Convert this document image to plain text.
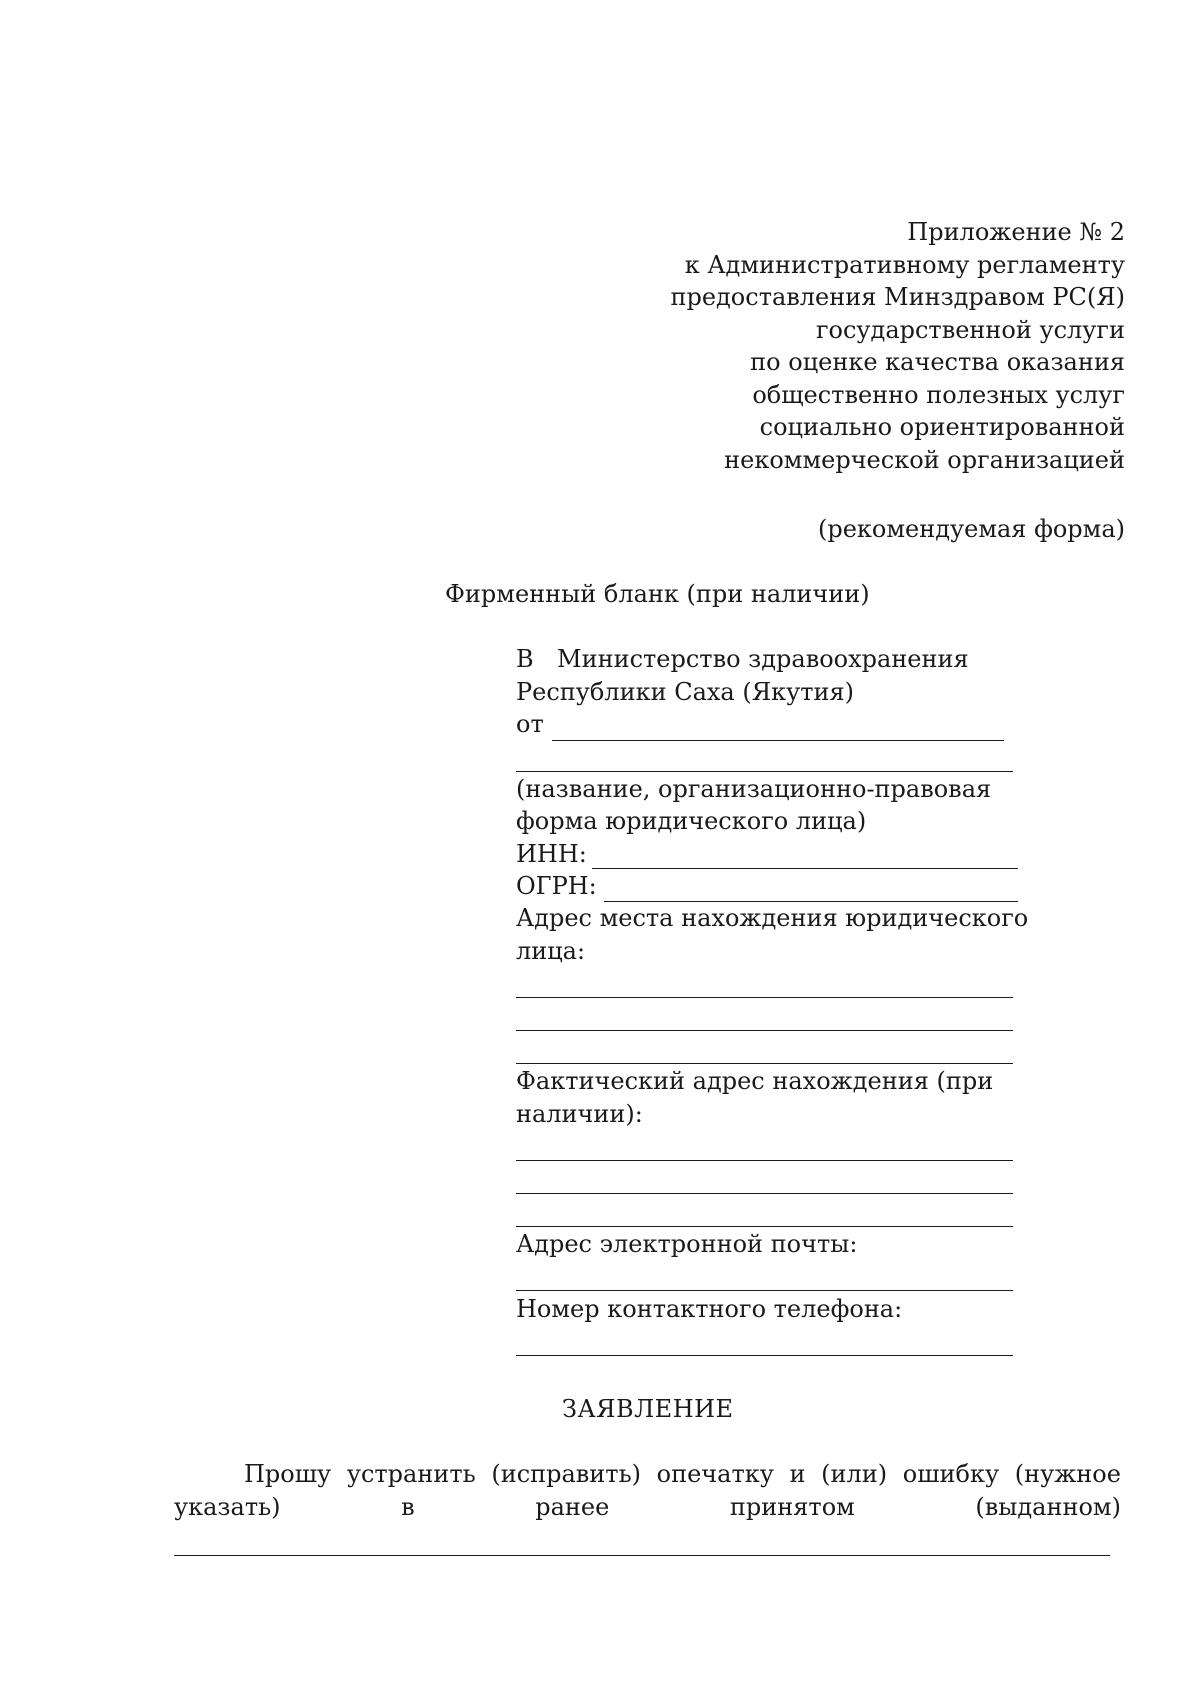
Приложение № 2
к Административному регламенту
предоставления Минздравом РС(Я)
государственной услуги
по оценке качества оказания
общественно полезных услуг
социально ориентированной
некоммерческой организацией
(рекомендуемая форма)
Фирменный бланк (при наличии)
В Министерство здравоохранения
Республики Саха (Якутия)
от
(название, организационно-правовая
форма юридического лица)
ИНН:
ОГРН:
Адрес места нахождения юридического
лица:
Фактический адрес нахождения (при
наличии):
Адрес электронной почты:
Номер контактного телефона:
ЗАЯВЛЕНИЕ
Прошу устранить (исправить) опечатку и (или) ошибку (нужное
указать)	в	ранее	принятом	(выданном)
